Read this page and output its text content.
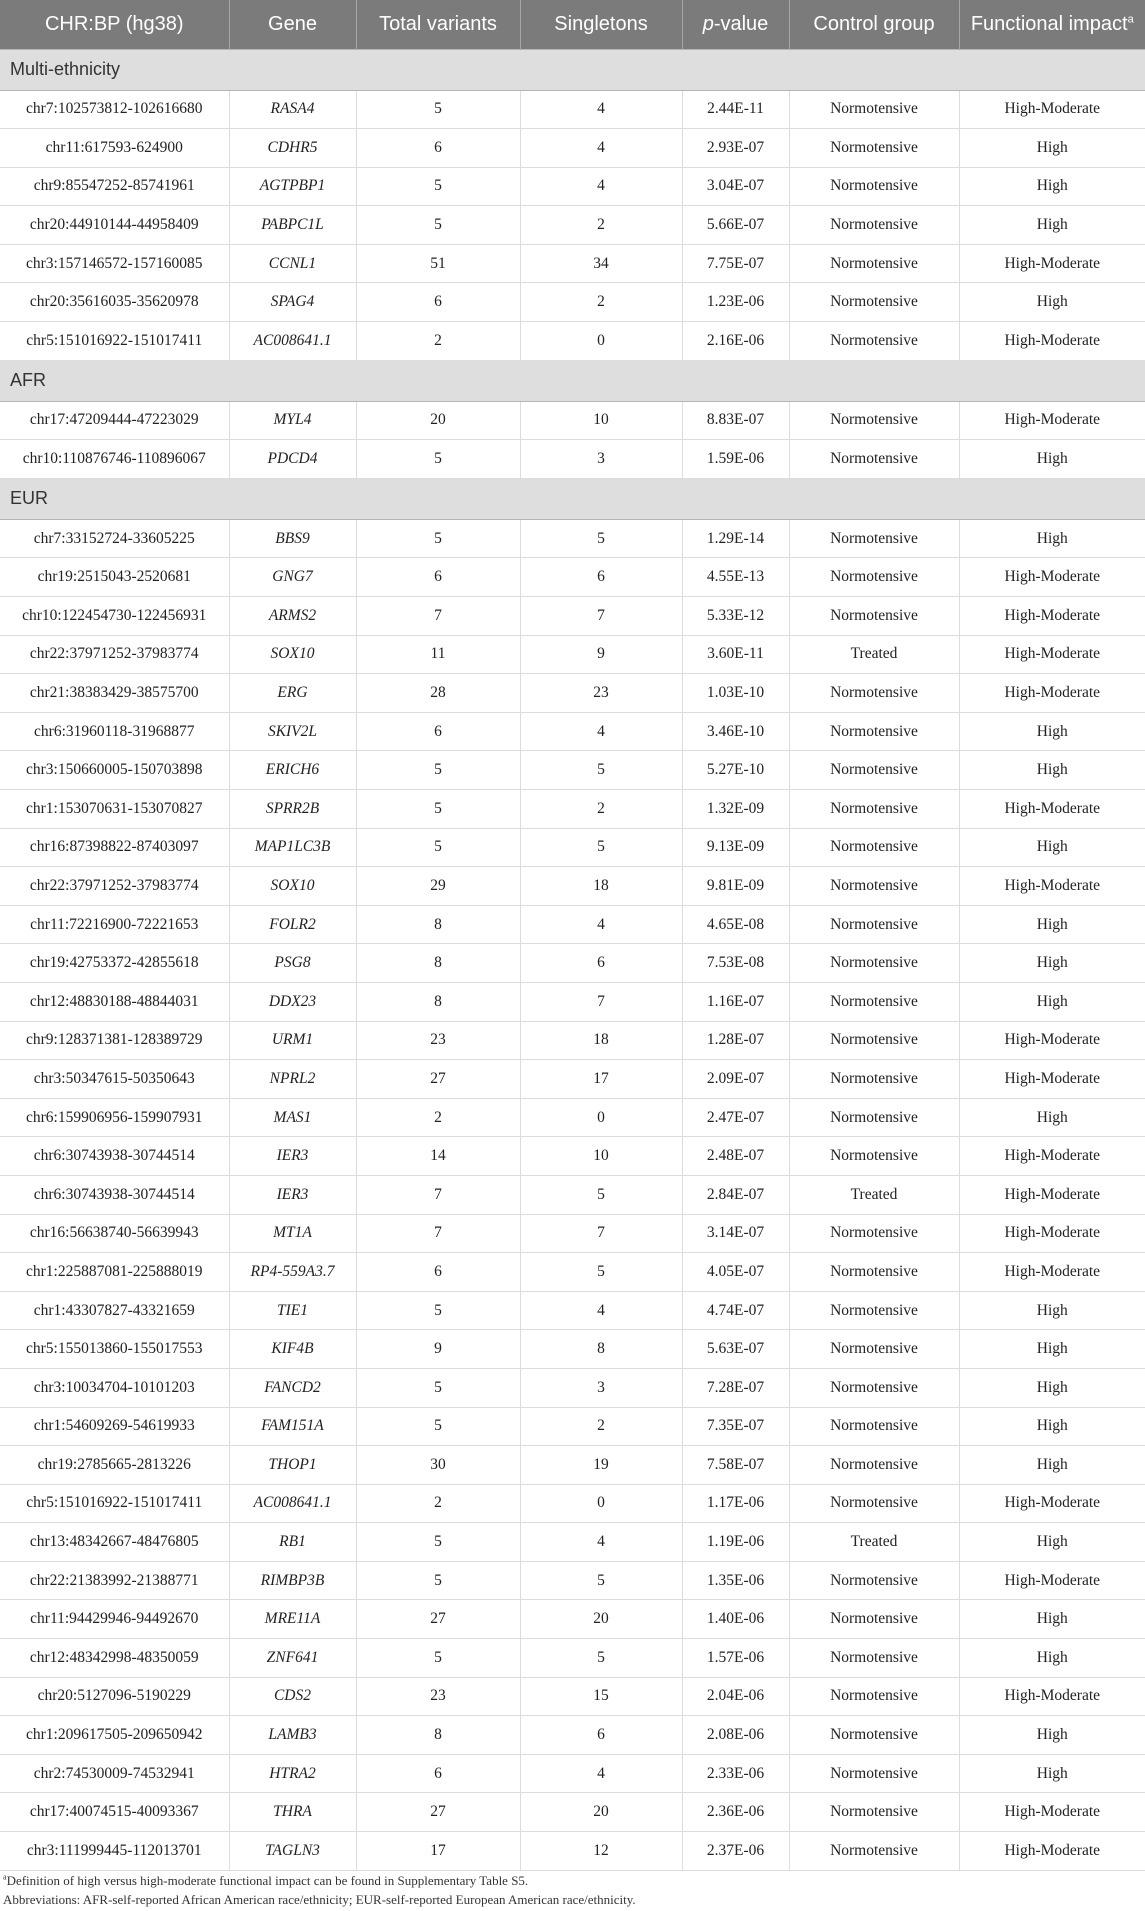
CHR:BP (hg38)	Gene	Total variants	Singletons	p-value	Control group	Functional impact$^a$
Multi-ethnicity						
chr7:102573812-102616680	RASA4	5	4	2.44E-11	Normotensive	High-Moderate
chr11:617593-624900	CDHR5	6	4	2.93E-07	Normotensive	High
chr9:85547252-85741961	AGTPBP1	5	4	3.04E-07	Normotensive	High
chr20:44910144-44958409	PABPC1L	5	2	5.66E-07	Normotensive	High
chr3:157146572-157160085	CCNL1	51	34	7.75E-07	Normotensive	High-Moderate
chr20:35616035-35620978	SPAG4	6	2	1.23E-06	Normotensive	High
chr5:151016922-151017411	AC008641.1	2	0	2.16E-06	Normotensive	High-Moderate
AFR						
chr17:47209444-47223029	MYL4	20	10	8.83E-07	Normotensive	High-Moderate
chr10:110876746-110896067	PDCD4	5	3	1.59E-06	Normotensive	High
EUR						
chr7:33152724-33605225	BBS9	5	5	1.29E-14	Normotensive	High
chr19:2515043-2520681	GNG7	6	6	4.55E-13	Normotensive	High-Moderate
chr10:122454730-122456931	ARMS2	7	7	5.33E-12	Normotensive	High-Moderate
chr22:37971252-37983774	SOX10	11	9	3.60E-11	Treated	High-Moderate
chr21:38383429-38575700	ERG	28	23	1.03E-10	Normotensive	High-Moderate
chr6:31960118-31968877	SKIV2L	6	4	3.46E-10	Normotensive	High
chr3:150660005-150703898	ERICH6	5	5	5.27E-10	Normotensive	High
chr1:153070631-153070827	SPRR2B	5	2	1.32E-09	Normotensive	High-Moderate
chr16:87398822-87403097	MAP1LC3B	5	5	9.13E-09	Normotensive	High
chr22:37971252-37983774	SOX10	29	18	9.81E-09	Normotensive	High-Moderate
chr11:72216900-72221653	FOLR2	8	4	4.65E-08	Normotensive	High
chr19:42753372-42855618	PSG8	8	6	7.53E-08	Normotensive	High
chr12:48830188-48844031	DDX23	8	7	1.16E-07	Normotensive	High
chr9:128371381-128389729	URM1	23	18	1.28E-07	Normotensive	High-Moderate
chr3:50347615-50350643	NPRL2	27	17	2.09E-07	Normotensive	High-Moderate
chr6:159906956-159907931	MAS1	2	0	2.47E-07	Normotensive	High
chr6:30743938-30744514	IER3	14	10	2.48E-07	Normotensive	High-Moderate
chr6:30743938-30744514	IER3	7	5	2.84E-07	Treated	High-Moderate
chr16:56638740-56639943	MT1A	7	7	3.14E-07	Normotensive	High-Moderate
chr1:225887081-225888019	RP4-559A3.7	6	5	4.05E-07	Normotensive	High-Moderate
chr1:43307827-43321659	TIE1	5	4	4.74E-07	Normotensive	High
chr5:155013860-155017553	KIF4B	9	8	5.63E-07	Normotensive	High
chr3:10034704-10101203	FANCD2	5	3	7.28E-07	Normotensive	High
chr1:54609269-54619933	FAM151A	5	2	7.35E-07	Normotensive	High
chr19:2785665-2813226	THOP1	30	19	7.58E-07	Normotensive	High
chr5:151016922-151017411	AC008641.1	2	0	1.17E-06	Normotensive	High-Moderate
chr13:48342667-48476805	RB1	5	4	1.19E-06	Treated	High
chr22:21383992-21388771	RIMBP3B	5	5	1.35E-06	Normotensive	High-Moderate
chr11:94429946-94492670	MRE11A	27	20	1.40E-06	Normotensive	High
chr12:48342998-48350059	ZNF641	5	5	1.57E-06	Normotensive	High
chr20:5127096-5190229	CDS2	23	15	2.04E-06	Normotensive	High-Moderate
chr1:209617505-209650942	LAMB3	8	6	2.08E-06	Normotensive	High
chr2:74530009-74532941	HTRA2	6	4	2.33E-06	Normotensive	High
chr17:40074515-40093367	THRA	27	20	2.36E-06	Normotensive	High-Moderate
chr3:111999445-112013701	TAGLN3	17	12	2.37E-06	Normotensive	High-Moderate

$^a$Definition of high versus high-moderate functional impact can be found in Supplementary Table S5.

Abbreviations: AFR-self-reported African American race/ethnicity; EUR-self-reported European American race/ethnicity.
